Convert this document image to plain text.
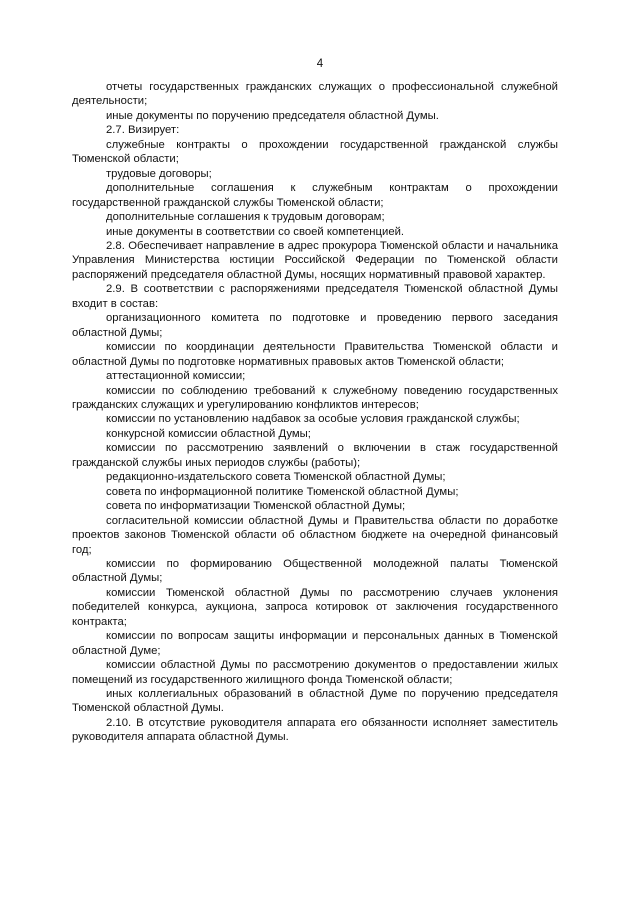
4

отчеты государственных гражданских служащих о профессиональной служебной деятельности;

иные документы по поручению председателя областной Думы.

2.7. Визирует:

служебные контракты о прохождении государственной гражданской службы Тюменской области;

трудовые договоры;

дополнительные соглашения к служебным контрактам о прохождении государственной гражданской службы Тюменской области;

дополнительные соглашения к трудовым договорам;

иные документы в соответствии со своей компетенцией.

2.8. Обеспечивает направление в адрес прокурора Тюменской области и начальника Управления Министерства юстиции Российской Федерации по Тюменской области распоряжений председателя областной Думы, носящих нормативный правовой характер.

2.9. В соответствии с распоряжениями председателя Тюменской областной Думы входит в состав:

организационного комитета по подготовке и проведению первого заседания областной Думы;

комиссии по координации деятельности Правительства Тюменской области и областной Думы по подготовке нормативных правовых актов Тюменской области;

аттестационной комиссии;

комиссии по соблюдению требований к служебному поведению государственных гражданских служащих и урегулированию конфликтов интересов;

комиссии по установлению надбавок за особые условия гражданской службы;

конкурсной комиссии областной Думы;

комиссии по рассмотрению заявлений о включении в стаж государственной гражданской службы иных периодов службы (работы);

редакционно-издательского совета Тюменской областной Думы;

совета по информационной политике Тюменской областной Думы;

совета по информатизации Тюменской областной Думы;

согласительной комиссии областной Думы и Правительства области по доработке проектов законов Тюменской области об областном бюджете на очередной финансовый год;

комиссии по формированию Общественной молодежной палаты Тюменской областной Думы;

комиссии Тюменской областной Думы по рассмотрению случаев уклонения победителей конкурса, аукциона, запроса котировок от заключения государственного контракта;

комиссии по вопросам защиты информации и персональных данных в Тюменской областной Думе;

комиссии областной Думы по рассмотрению документов о предоставлении жилых помещений из государственного жилищного фонда Тюменской области;

иных коллегиальных образований в областной Думе по поручению председателя Тюменской областной Думы.

2.10. В отсутствие руководителя аппарата его обязанности исполняет заместитель руководителя аппарата областной Думы.
